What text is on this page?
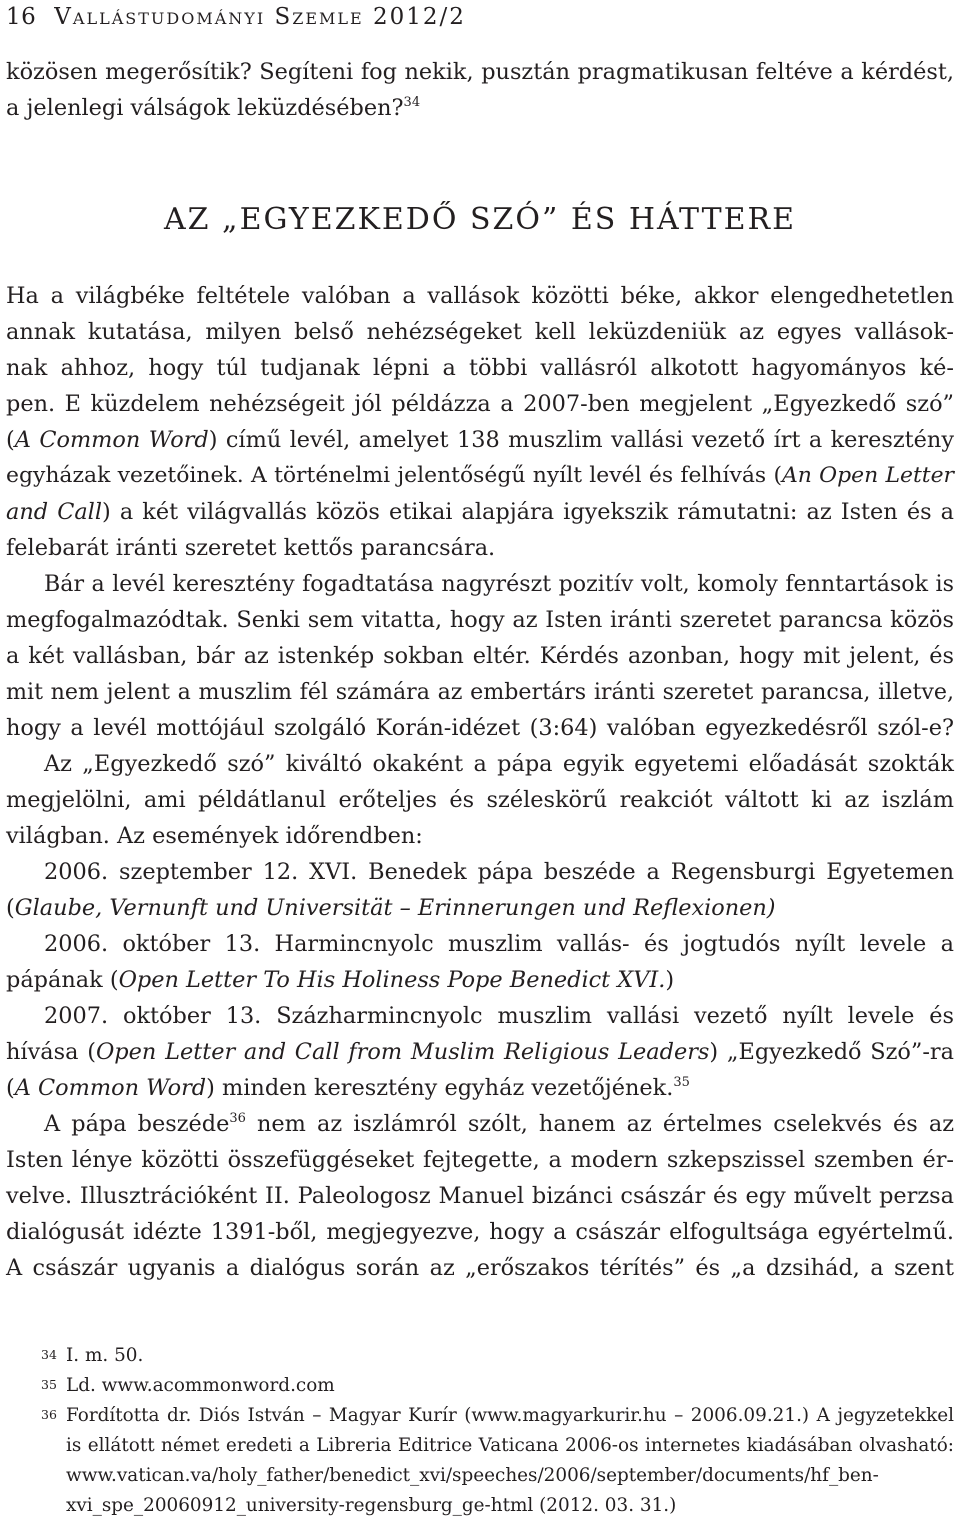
16 Vallástudományi Szemle 2012/2
közösen megerősítik? Segíteni fog nekik, pusztán pragmatikusan feltéve a kérdést,
a jelenlegi válságok leküzdésében?$^{34}$
AZ „EGYEZKEDŐ SZÓ” ÉS HÁTTERE
Ha a világbéke feltétele valóban a vallások közötti béke, akkor elengedhetetlen
annak kutatása, milyen belső nehézségeket kell leküzdeniük az egyes vallások-
nak ahhoz, hogy túl tudjanak lépni a többi vallásról alkotott hagyományos ké-
pen. E küzdelem nehézségeit jól példázza a 2007-ben megjelent „Egyezkedő szó”
(A Common Word) című levél, amelyet 138 muszlim vallási vezető írt a keresztény
egyházak vezetőinek. A történelmi jelentőségű nyílt levél és felhívás (An Open Letter
and Call) a két világvallás közös etikai alapjára igyekszik rámutatni: az Isten és a
felebarát iránti szeretet kettős parancsára.
Bár a levél keresztény fogadtatása nagyrészt pozitív volt, komoly fenntartások is
megfogalmazódtak. Senki sem vitatta, hogy az Isten iránti szeretet parancsa közös
a két vallásban, bár az istenkép sokban eltér. Kérdés azonban, hogy mit jelent, és
mit nem jelent a muszlim fél számára az embertárs iránti szeretet parancsa, illetve,
hogy a levél mottójául szolgáló Korán-idézet (3:64) valóban egyezkedésről szól-e?
Az „Egyezkedő szó” kiváltó okaként a pápa egyik egyetemi előadását szokták
megjelölni, ami példátlanul erőteljes és széleskörű reakciót váltott ki az iszlám
világban. Az események időrendben:
2006. szeptember 12. XVI. Benedek pápa beszéde a Regensburgi Egyetemen
(Glaube, Vernunft und Universität – Erinnerungen und Reflexionen)
2006. október 13. Harmincnyolc muszlim vallás- és jogtudós nyílt levele a
pápának (Open Letter To His Holiness Pope Benedict XVI.)
2007. október 13. Százharmincnyolc muszlim vallási vezető nyílt levele és
hívása (Open Letter and Call from Muslim Religious Leaders) „Egyezkedő Szó”-ra
(A Common Word) minden keresztény egyház vezetőjének.$^{35}$
A pápa beszéde$^{36}$ nem az iszlámról szólt, hanem az értelmes cselekvés és az
Isten lénye közötti összefüggéseket fejtegette, a modern szkepszissel szemben ér-
velve. Illusztrációként II. Paleologosz Manuel bizánci császár és egy művelt perzsa
dialógusát idézte 1391-ből, megjegyezve, hogy a császár elfogultsága egyértelmű.
A császár ugyanis a dialógus során az „erőszakos térítés” és „a dzsihád, a szent
34 I. m. 50.
35 Ld. www.acommonword.com
36 Fordította dr. Diós István – Magyar Kurír (www.magyarkurir.hu – 2006.09.21.) A jegyzetekkel
is ellátott német eredeti a Libreria Editrice Vaticana 2006-os internetes kiadásában olvasható:
www.vatican.va/holy_father/benedict_xvi/speeches/2006/september/documents/hf_ben-
xvi_spe_20060912_university-regensburg_ge-html (2012. 03. 31.)
